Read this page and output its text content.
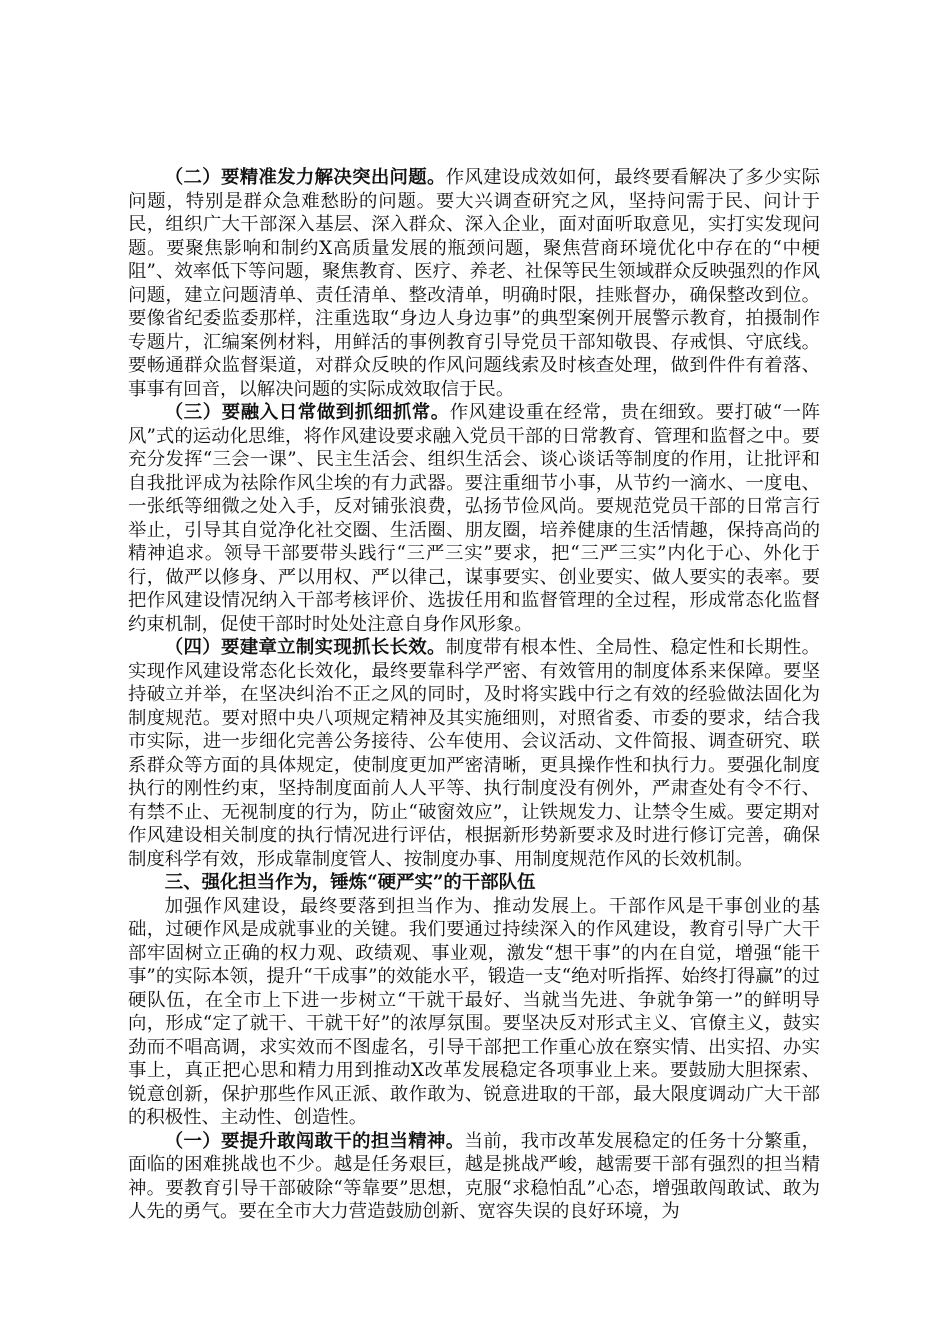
（二）要精准发力解决突出问题。作风建设成效如何，最终要看解决了多少实际问题，特别是群众急难愁盼的问题。要大兴调查研究之风，坚持问需于民、问计于民，组织广大干部深入基层、深入群众、深入企业，面对面听取意见，实打实发现问题。要聚焦影响和制约X高质量发展的瓶颈问题，聚焦营商环境优化中存在的“中梗阻”、效率低下等问题，聚焦教育、医疗、养老、社保等民生领域群众反映强烈的作风问题，建立问题清单、责任清单、整改清单，明确时限，挂账督办，确保整改到位。要像省纪委监委那样，注重选取“身边人身边事”的典型案例开展警示教育，拍摄制作专题片，汇编案例材料，用鲜活的事例教育引导党员干部知敬畏、存戒惧、守底线。要畅通群众监督渠道，对群众反映的作风问题线索及时核查处理，做到件件有着落、事事有回音，以解决问题的实际成效取信于民。

（三）要融入日常做到抓细抓常。作风建设重在经常，贵在细致。要打破“一阵风”式的运动化思维，将作风建设要求融入党员干部的日常教育、管理和监督之中。要充分发挥“三会一课”、民主生活会、组织生活会、谈心谈话等制度的作用，让批评和自我批评成为祛除作风尘埃的有力武器。要注重细节小事，从节约一滴水、一度电、一张纸等细微之处入手，反对铺张浪费，弘扬节俭风尚。要规范党员干部的日常言行举止，引导其自觉净化社交圈、生活圈、朋友圈，培养健康的生活情趣，保持高尚的精神追求。领导干部要带头践行“三严三实”要求，把“三严三实”内化于心、外化于行，做严以修身、严以用权、严以律己，谋事要实、创业要实、做人要实的表率。要把作风建设情况纳入干部考核评价、选拔任用和监督管理的全过程，形成常态化监督约束机制，促使干部时时处处注意自身作风形象。

（四）要建章立制实现抓长长效。制度带有根本性、全局性、稳定性和长期性。实现作风建设常态化长效化，最终要靠科学严密、有效管用的制度体系来保障。要坚持破立并举，在坚决纠治不正之风的同时，及时将实践中行之有效的经验做法固化为制度规范。要对照中央八项规定精神及其实施细则，对照省委、市委的要求，结合我市实际，进一步细化完善公务接待、公车使用、会议活动、文件简报、调查研究、联系群众等方面的具体规定，使制度更加严密清晰，更具操作性和执行力。要强化制度执行的刚性约束，坚持制度面前人人平等、执行制度没有例外，严肃查处有令不行、有禁不止、无视制度的行为，防止“破窗效应”，让铁规发力、让禁令生威。要定期对作风建设相关制度的执行情况进行评估，根据新形势新要求及时进行修订完善，确保制度科学有效，形成靠制度管人、按制度办事、用制度规范作风的长效机制。

三、强化担当作为，锤炼“硬严实”的干部队伍

加强作风建设，最终要落到担当作为、推动发展上。干部作风是干事创业的基础，过硬作风是成就事业的关键。我们要通过持续深入的作风建设，教育引导广大干部牢固树立正确的权力观、政绩观、事业观，激发“想干事”的内在自觉，增强“能干事”的实际本领，提升“干成事”的效能水平，锻造一支“绝对听指挥、始终打得赢”的过硬队伍，在全市上下进一步树立“干就干最好、当就当先进、争就争第一”的鲜明导向，形成“定了就干、干就干好”的浓厚氛围。要坚决反对形式主义、官僚主义，鼓实劲而不唱高调，求实效而不图虚名，引导干部把工作重心放在察实情、出实招、办实事上，真正把心思和精力用到推动X改革发展稳定各项事业上来。要鼓励大胆探索、锐意创新，保护那些作风正派、敢作敢为、锐意进取的干部，最大限度调动广大干部的积极性、主动性、创造性。

（一）要提升敢闯敢干的担当精神。当前，我市改革发展稳定的任务十分繁重，面临的困难挑战也不少。越是任务艰巨，越是挑战严峻，越需要干部有强烈的担当精神。要教育引导干部破除“等靠要”思想，克服“求稳怕乱”心态，增强敢闯敢试、敢为人先的勇气。要在全市大力营造鼓励创新、宽容失误的良好环境，为
